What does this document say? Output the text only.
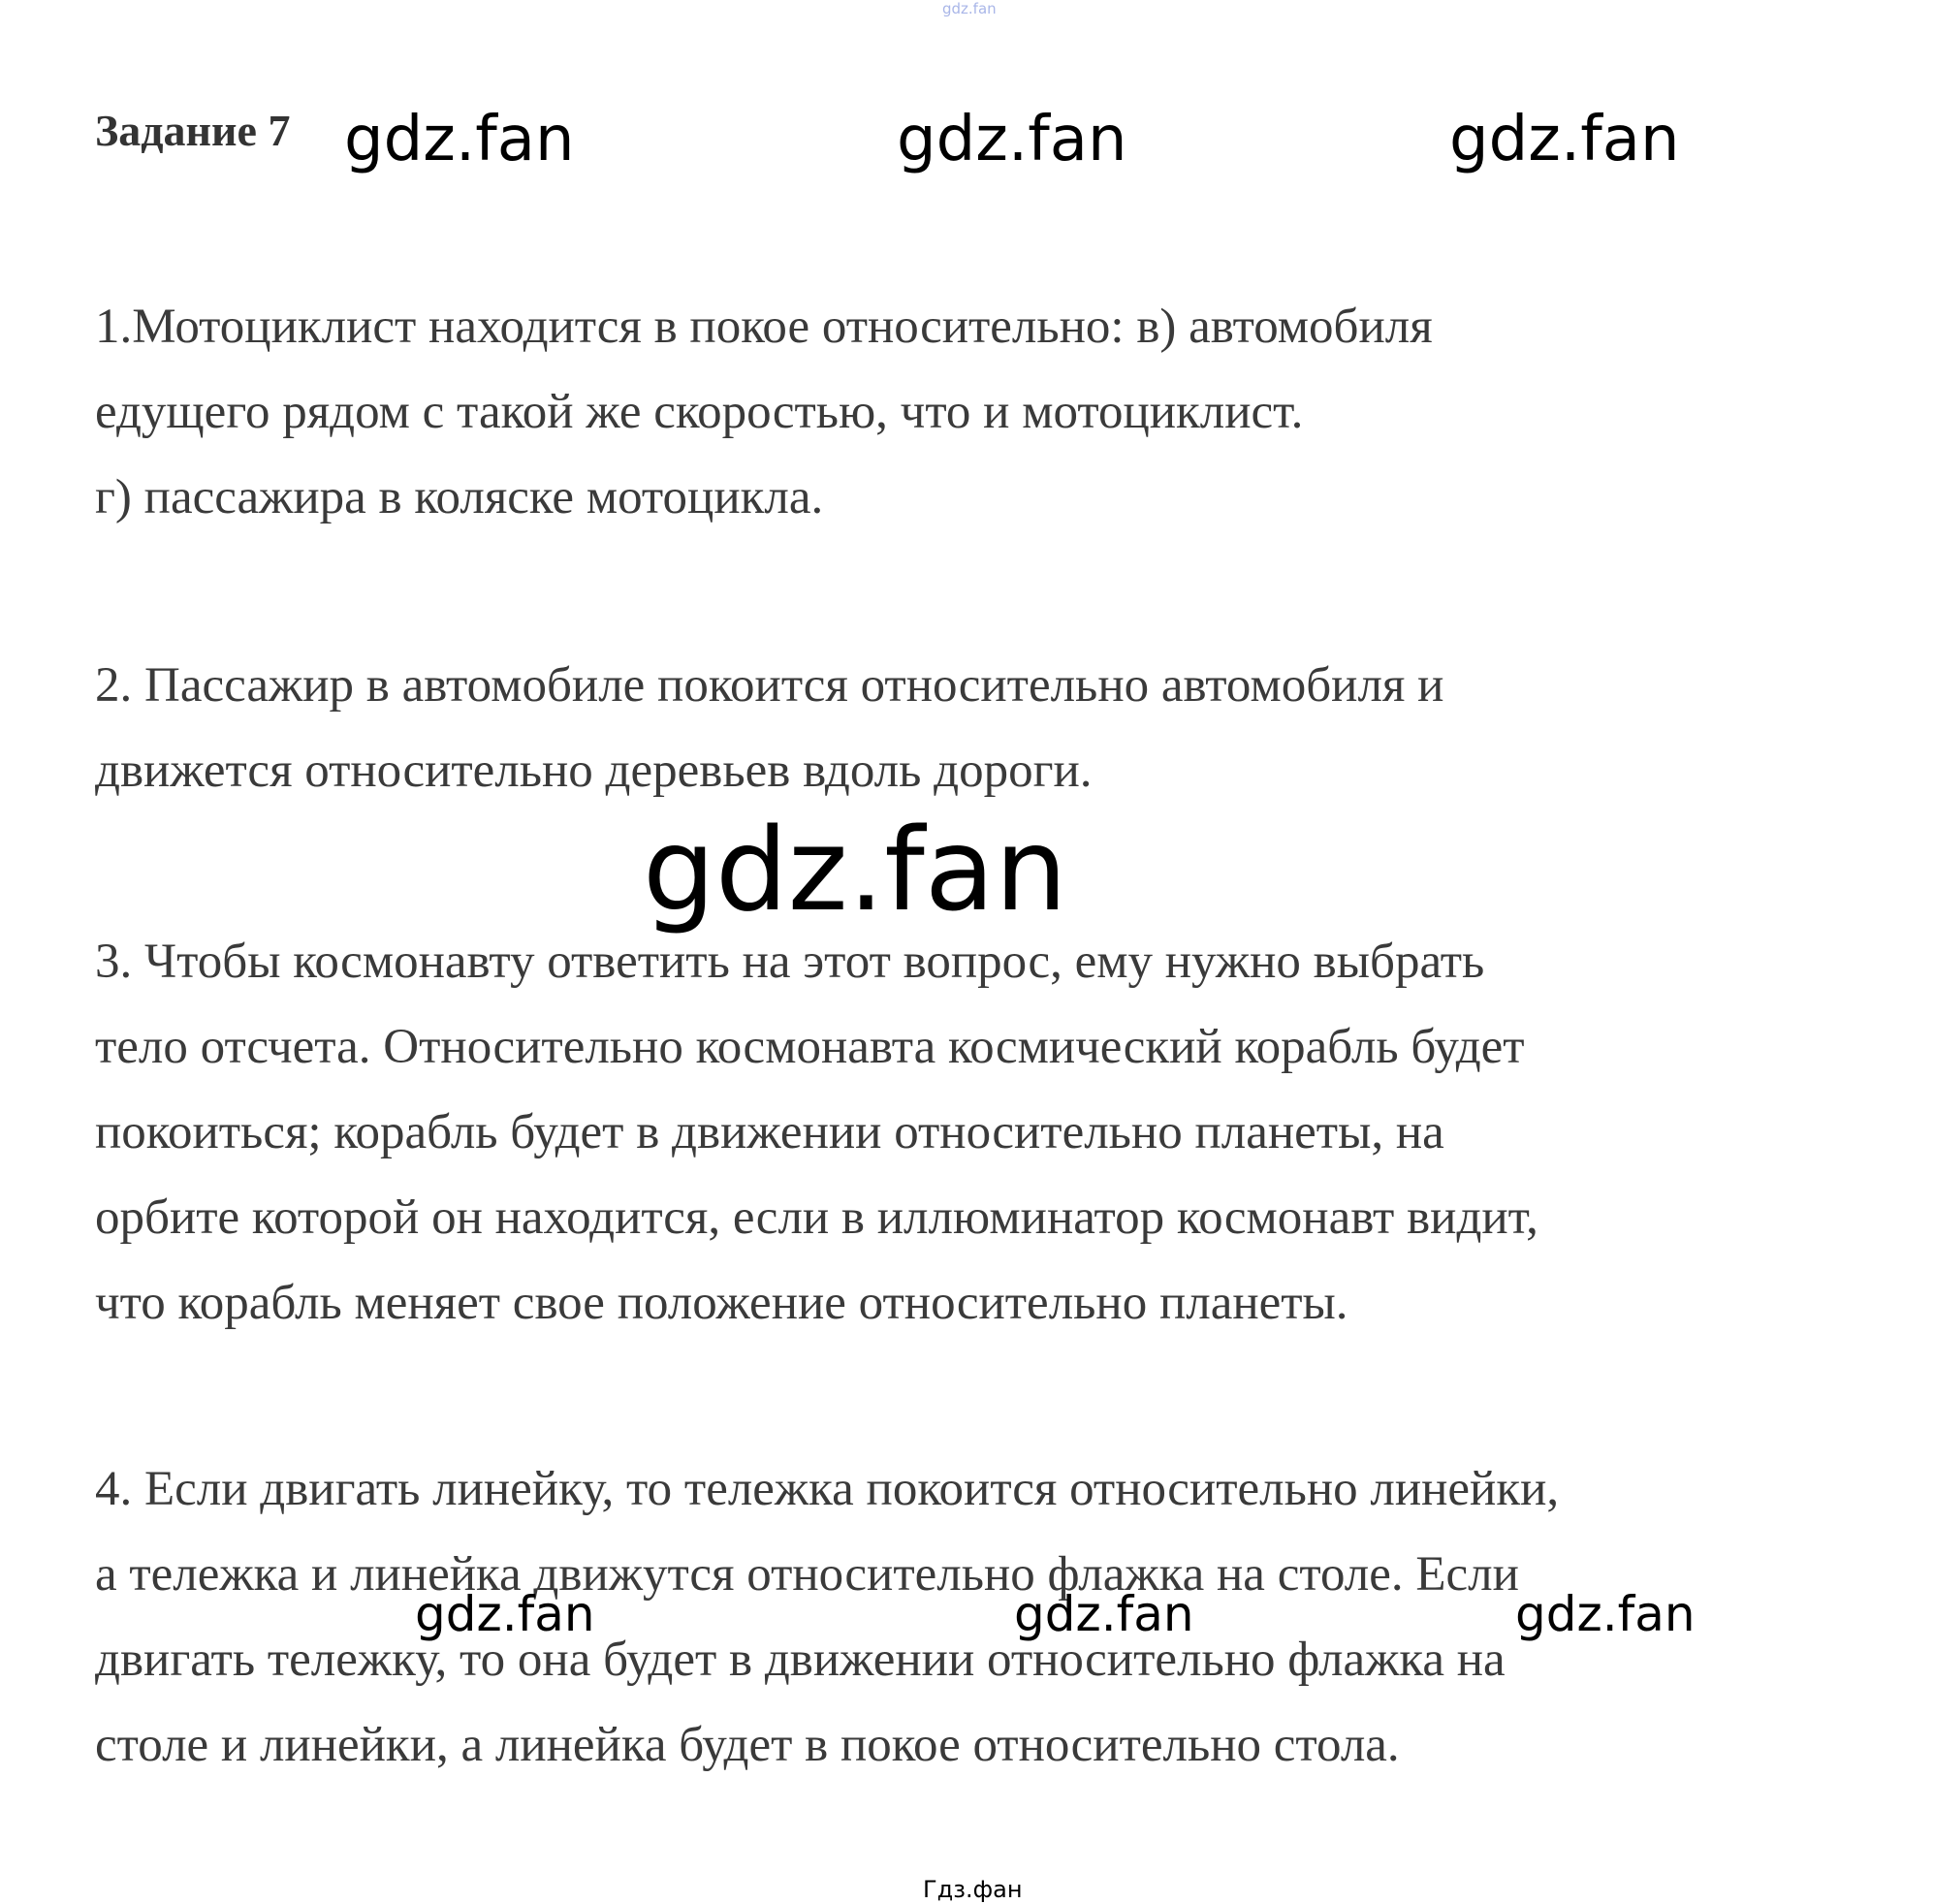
gdz.fan
Задание 7 gdz.fan	gdz.fan	gdz.fan
1.Мотоциклист находится в покое относительно: в) автомобиля
едущего рядом с такой же скоростью, что и мотоциклист.
г) пассажира в коляске мотоцикла.
2. Пассажир в автомобиле покоится относительно автомобиля и
движется относительно деревьев вдоль дороги.
gdz.fan
3. Чтобы космонавту ответить на этот вопрос, ему нужно выбрать
тело отсчета. Относительно космонавта космический корабль будет
покоиться; корабль будет в движении относительно планеты, на
орбите которой он находится, если в иллюминатор космонавт видит,
что корабль меняет свое положение относительно планеты.
4. Если двигать линейку, то тележка покоится относительно линейки,
а тележка и линейка движутся относительно флажка на столе. Если
двигать тележку, то она будет в движении относительно флажка на
столе и линейки, а линейка будет в покое относительно стола.
gdz.fan	gdz.fan	gdz.fan
Гдз.фан
